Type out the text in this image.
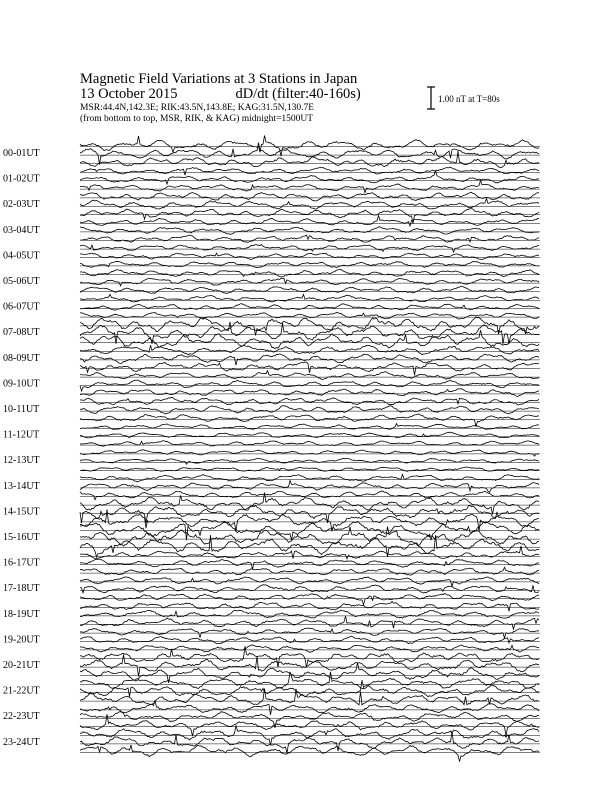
Magnetic Field Variations at 3 Stations in Japan
13 October 2015	dD/dt (filter:40-160s)
MSR:44.4N,142.3E; RIK:43.5N,143.8E; KAG:31.5N,130.7E
(from bottom to top, MSR, RIK, & KAG) midnight=1500UT
1.00 nT at T=80s
00-01UT
01-02UT
02-03UT
03-04UT
04-05UT
05-06UT
06-07UT
07-08UT
08-09UT
09-10UT
10-11UT
11-12UT
12-13UT
13-14UT
14-15UT
15-16UT
16-17UT
17-18UT
18-19UT
19-20UT
20-21UT
21-22UT
22-23UT
23-24UT
